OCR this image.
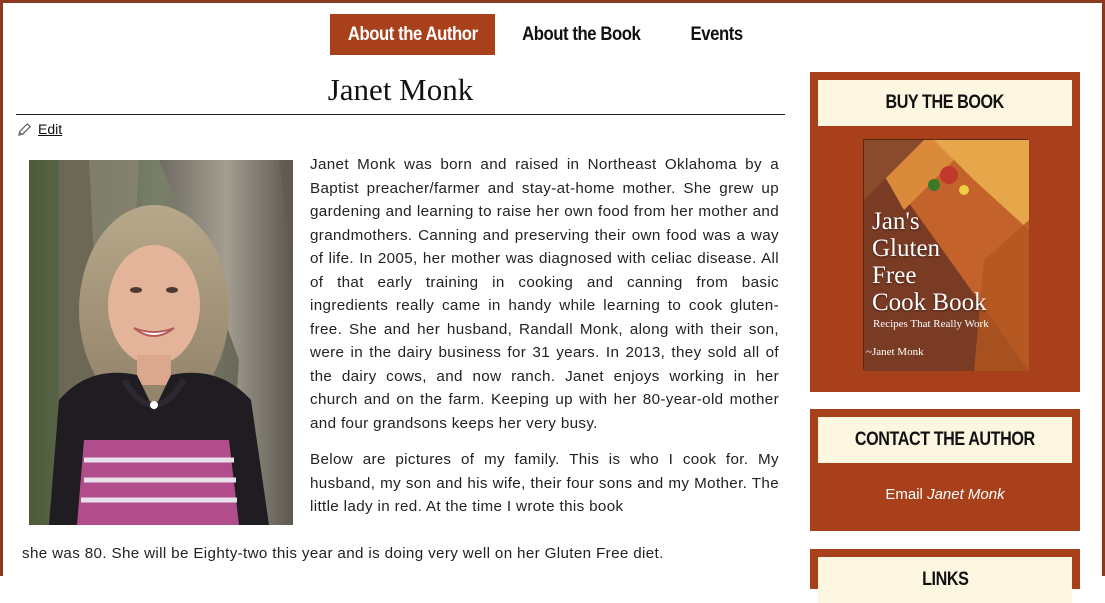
About the Author	About the Book	Events
Janet Monk
Edit

Janet Monk was born and raised in Northeast Oklahoma by a Baptist preacher/farmer and stay-at-home mother. She grew up gardening and learning to raise her own food from her mother and grandmothers. Canning and preserving their own food was a way of life. In 2005, her mother was diagnosed with celiac disease. All of that early training in cooking and canning from basic ingredients really came in handy while learning to cook gluten-free. She and her husband, Randall Monk, along with their son, were in the dairy business for 31 years. In 2013, they sold all of the dairy cows, and now ranch. Janet enjoys working in her church and on the farm. Keeping up with her 80-year-old mother and four grandsons keeps her very busy.

Below are pictures of my family. This is who I cook for. My husband, my son and his wife, their four sons and my Mother. The little lady in red. At the time I wrote this book

she was 80. She will be Eighty-two this year and is doing very well on her Gluten Free diet.
BUY THE BOOK
Jan's
Gluten
Free
Cook Book
Recipes That Really Work
~Janet Monk
CONTACT THE AUTHOR
Email Janet Monk
LINKS
